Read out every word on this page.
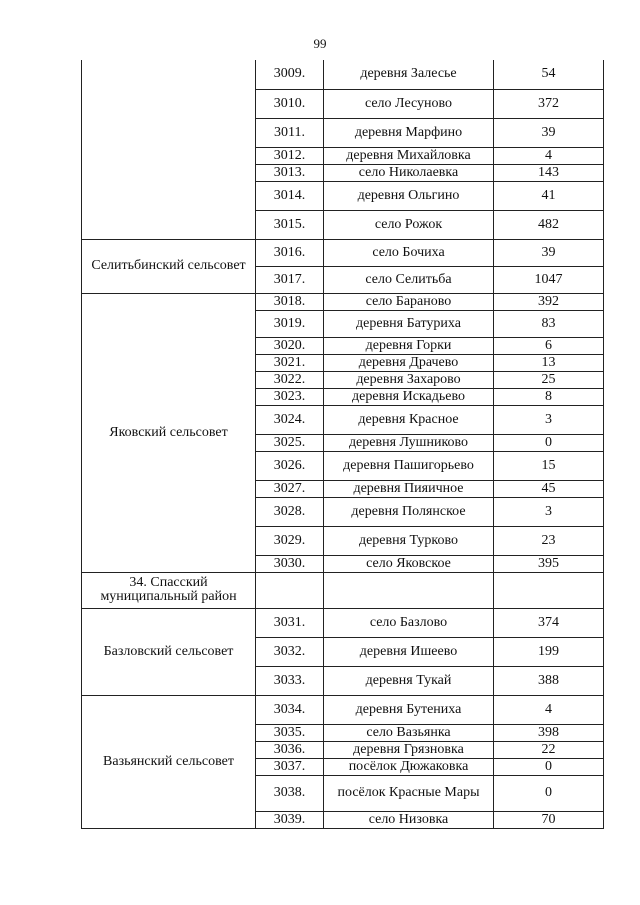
99
	3009.	деревня Залесье	54
	3010.	село Лесуново	372
	3011.	деревня Марфино	39
	3012.	деревня Михайловка	4
	3013.	село Николаевка	143
	3014.	деревня Ольгино	41
	3015.	село Рожок	482
Селитьбинский сельсовет	3016.	село Бочиха	39
	3017.	село Селитьба	1047
Яковский сельсовет	3018.	село Бараново	392
	3019.	деревня Батуриха	83
	3020.	деревня Горки	6
	3021.	деревня Драчево	13
	3022.	деревня Захарово	25
	3023.	деревня Искадьево	8
	3024.	деревня Красное	3
	3025.	деревня Лушниково	0
	3026.	деревня Пашигорьево	15
	3027.	деревня Пияичное	45
	3028.	деревня Полянское	3
	3029.	деревня Турково	23
	3030.	село Яковское	395
34. Спасский муниципальный район			
Базловский сельсовет	3031.	село Базлово	374
	3032.	деревня Ишеево	199
	3033.	деревня Тукай	388
Вазьянский сельсовет	3034.	деревня Бутениха	4
	3035.	село Вазьянка	398
	3036.	деревня Грязновка	22
	3037.	посёлок Дюжаковка	0
	3038.	посёлок Красные Мары	0
	3039.	село Низовка	70
